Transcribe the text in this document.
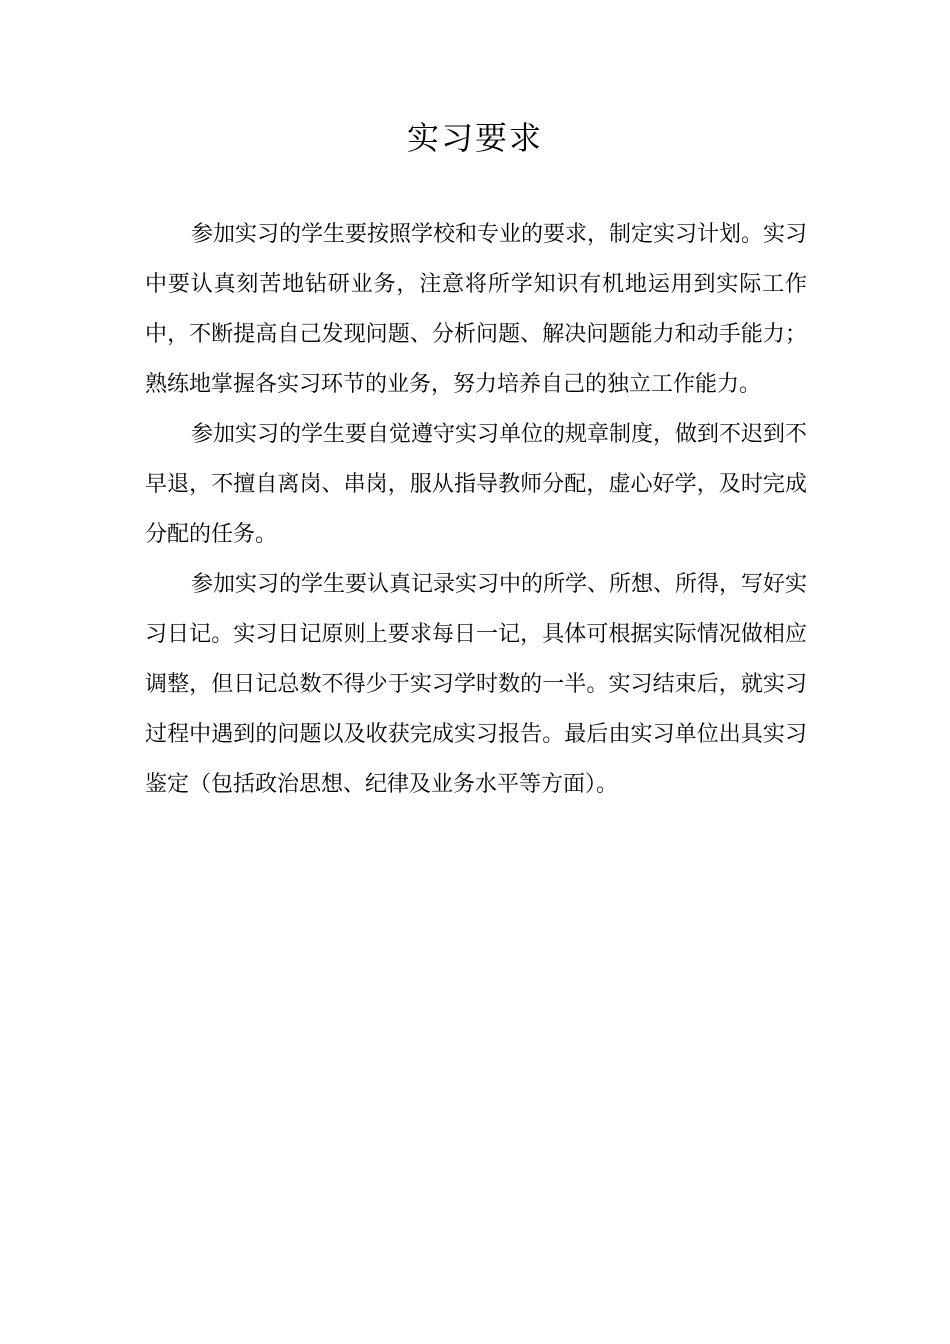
实习要求

参加实习的学生要按照学校和专业的要求，制定实习计划。实习中要认真刻苦地钻研业务，注意将所学知识有机地运用到实际工作中，不断提高自己发现问题、分析问题、解决问题能力和动手能力；熟练地掌握各实习环节的业务，努力培养自己的独立工作能力。

参加实习的学生要自觉遵守实习单位的规章制度，做到不迟到不早退，不擅自离岗、串岗，服从指导教师分配，虚心好学，及时完成分配的任务。

参加实习的学生要认真记录实习中的所学、所想、所得，写好实习日记。实习日记原则上要求每日一记，具体可根据实际情况做相应调整，但日记总数不得少于实习学时数的一半。实习结束后，就实习过程中遇到的问题以及收获完成实习报告。最后由实习单位出具实习鉴定（包括政治思想、纪律及业务水平等方面）。
